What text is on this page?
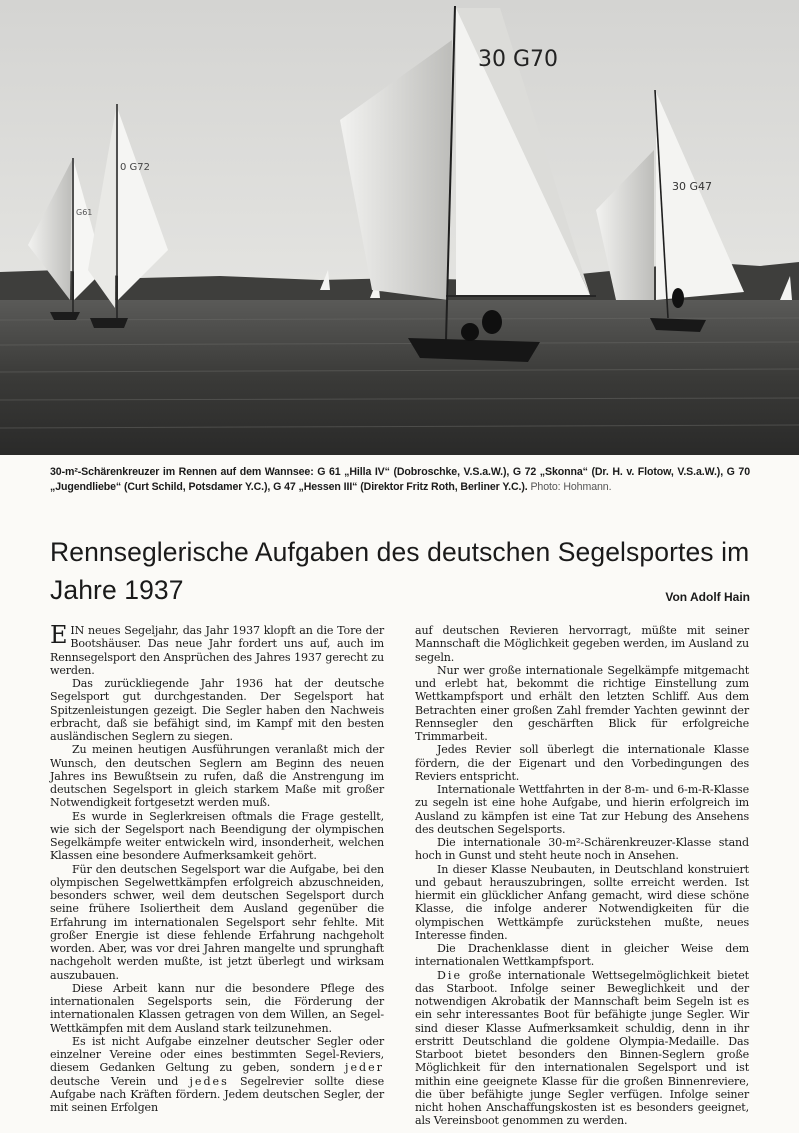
0 G72
30 G70
30 G47
G61
30-m²-Schärenkreuzer im Rennen auf dem Wannsee: G 61 „Hilla IV“ (Dobroschke, V.S.a.W.), G 72 „Skonna“ (Dr. H. v. Flotow, V.S.a.W.), G 70 „Jugendliebe“ (Curt Schild, Potsdamer Y.C.), G 47 „Hessen III“ (Direktor Fritz Roth, Berliner Y.C.). Photo: Hohmann.
Rennseglerische Aufgaben des deutschen Segelsportes im Jahre 1937	Von Adolf Hain

EIN neues Segeljahr, das Jahr 1937 klopft an die Tore der Bootshäuser. Das neue Jahr fordert uns auf, auch im Rennsegelsport den Ansprüchen des Jahres 1937 gerecht zu werden.

Das zurückliegende Jahr 1936 hat der deutsche Segelsport gut durchgestanden. Der Segelsport hat Spitzenleistungen gezeigt. Die Segler haben den Nachweis erbracht, daß sie befähigt sind, im Kampf mit den besten ausländischen Seglern zu siegen.

Zu meinen heutigen Ausführungen veranlaßt mich der Wunsch, den deutschen Seglern am Beginn des neuen Jahres ins Bewußtsein zu rufen, daß die Anstrengung im deutschen Segelsport in gleich starkem Maße mit großer Notwendigkeit fortgesetzt werden muß.

Es wurde in Seglerkreisen oftmals die Frage gestellt, wie sich der Segelsport nach Beendigung der olympischen Segelkämpfe weiter entwickeln wird, insonderheit, welchen Klassen eine besondere Aufmerksamkeit gehört.

Für den deutschen Segelsport war die Aufgabe, bei den olympischen Segelwettkämpfen erfolgreich abzuschneiden, besonders schwer, weil dem deutschen Segelsport durch seine frühere Isoliertheit dem Ausland gegenüber die Erfahrung im internationalen Segelsport sehr fehlte. Mit großer Energie ist diese fehlende Erfahrung nachgeholt worden. Aber, was vor drei Jahren mangelte und sprunghaft nachgeholt werden mußte, ist jetzt überlegt und wirksam auszubauen.

Diese Arbeit kann nur die besondere Pflege des internationalen Segelsports sein, die Förderung der internationalen Klassen getragen von dem Willen, an Segel-Wettkämpfen mit dem Ausland stark teilzunehmen.

Es ist nicht Aufgabe einzelner deutscher Segler oder einzelner Vereine oder eines bestimmten Segel-Reviers, diesem Gedanken Geltung zu geben, sondern jeder deutsche Verein und jedes Segelrevier sollte diese Aufgabe nach Kräften fördern. Jedem deutschen Segler, der mit seinen Erfolgen

auf deutschen Revieren hervorragt, müßte mit seiner Mannschaft die Möglichkeit gegeben werden, im Ausland zu segeln.

Nur wer große internationale Segelkämpfe mitgemacht und erlebt hat, bekommt die richtige Einstellung zum Wettkampfsport und erhält den letzten Schliff. Aus dem Betrachten einer großen Zahl fremder Yachten gewinnt der Rennsegler den geschärften Blick für erfolgreiche Trimmarbeit.

Jedes Revier soll überlegt die internationale Klasse fördern, die der Eigenart und den Vorbedingungen des Reviers entspricht.

Internationale Wettfahrten in der 8-m- und 6-m-R-Klasse zu segeln ist eine hohe Aufgabe, und hierin erfolgreich im Ausland zu kämpfen ist eine Tat zur Hebung des Ansehens des deutschen Segelsports.

Die internationale 30-m²-Schärenkreuzer-Klasse stand hoch in Gunst und steht heute noch in Ansehen.

In dieser Klasse Neubauten, in Deutschland konstruiert und gebaut herauszubringen, sollte erreicht werden. Ist hiermit ein glücklicher Anfang gemacht, wird diese schöne Klasse, die infolge anderer Notwendigkeiten für die olympischen Wettkämpfe zurückstehen mußte, neues Interesse finden.

Die Drachenklasse dient in gleicher Weise dem internationalen Wettkampfsport.

Die große internationale Wettsegelmöglichkeit bietet das Starboot. Infolge seiner Beweglichkeit und der notwendigen Akrobatik der Mannschaft beim Segeln ist es ein sehr interessantes Boot für befähigte junge Segler. Wir sind dieser Klasse Aufmerksamkeit schuldig, denn in ihr erstritt Deutschland die goldene Olympia-Medaille. Das Starboot bietet besonders den Binnen-Seglern große Möglichkeit für den internationalen Segelsport und ist mithin eine geeignete Klasse für die großen Binnenreviere, die über befähigte junge Segler verfügen. Infolge seiner nicht hohen Anschaffungskosten ist es besonders geeignet, als Vereinsboot genommen zu werden.
